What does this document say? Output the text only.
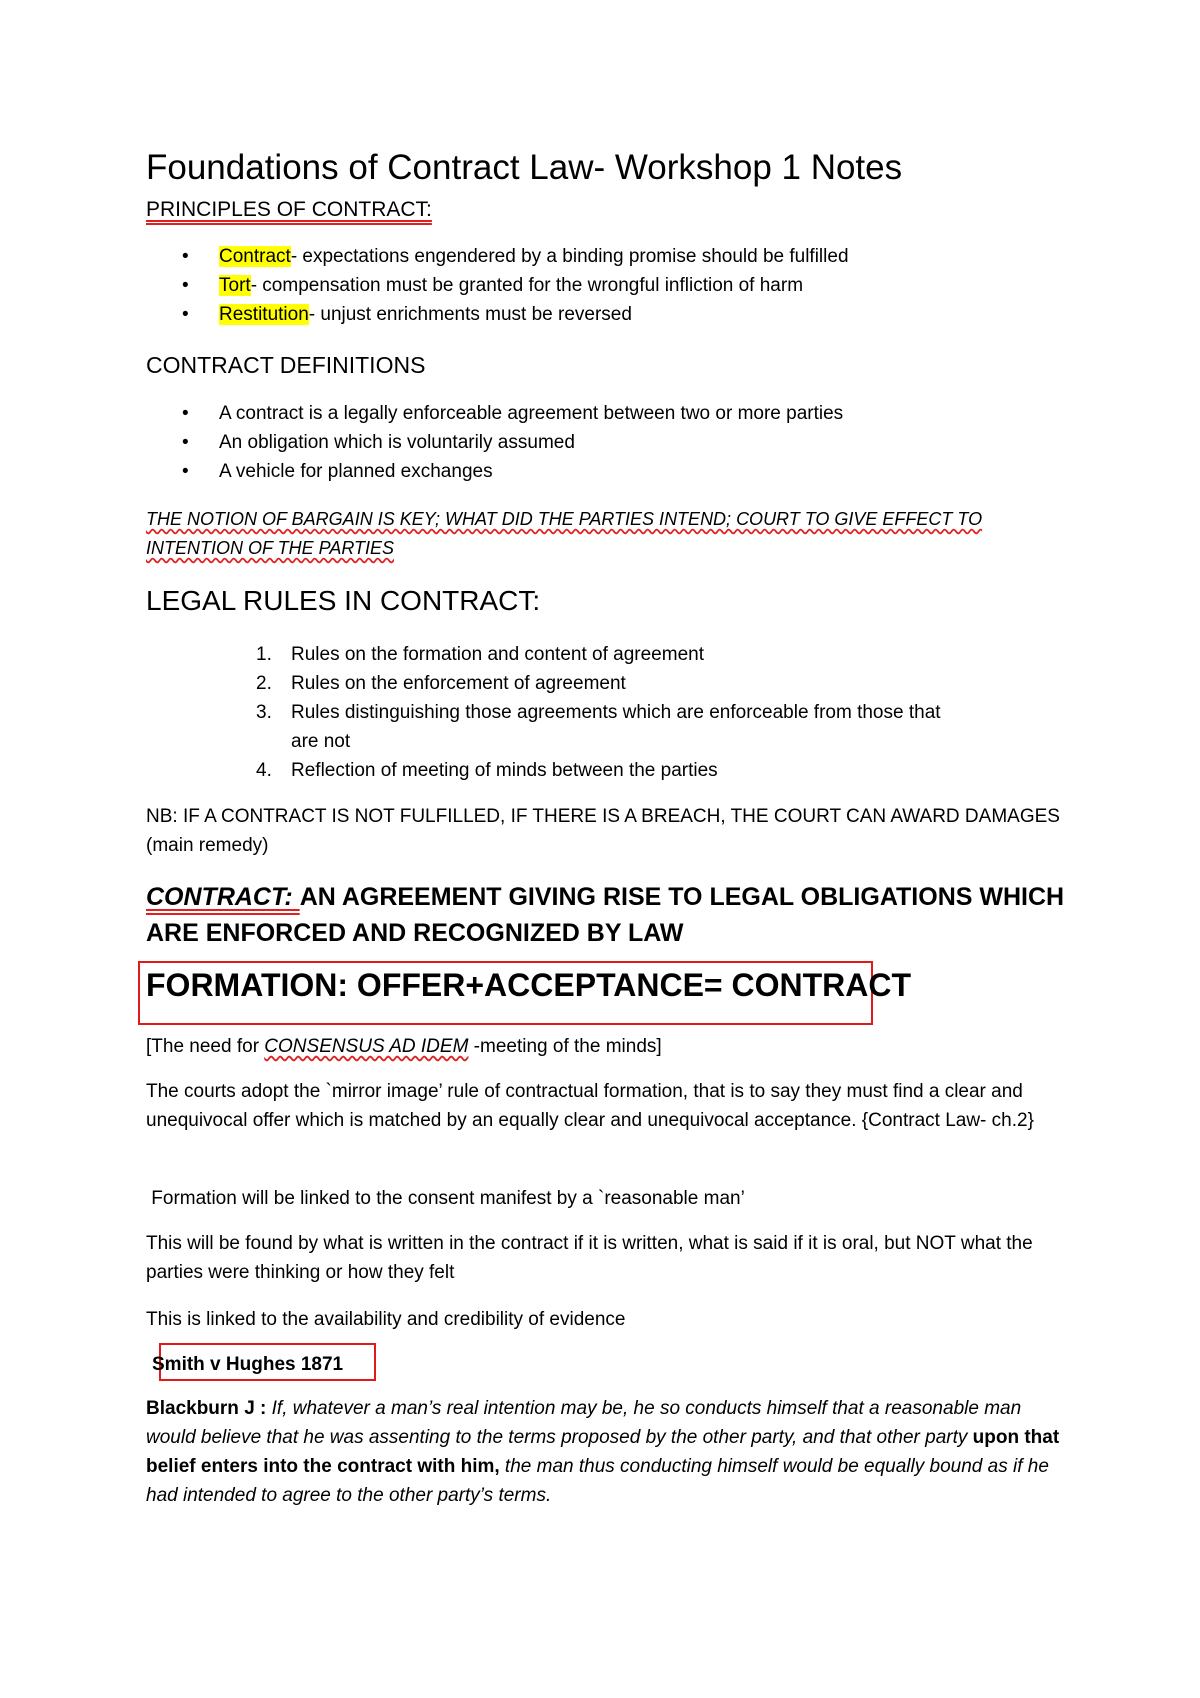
Foundations of Contract Law- Workshop 1 Notes
PRINCIPLES OF CONTRACT:
• Contract- expectations engendered by a binding promise should be fulfilled
• Tort- compensation must be granted for the wrongful infliction of harm
• Restitution- unjust enrichments must be reversed
CONTRACT DEFINITIONS
• A contract is a legally enforceable agreement between two or more parties
• An obligation which is voluntarily assumed
• A vehicle for planned exchanges
THE NOTION OF BARGAIN IS KEY; WHAT DID THE PARTIES INTEND; COURT TO GIVE EFFECT TO INTENTION OF THE PARTIES
LEGAL RULES IN CONTRACT:
1. Rules on the formation and content of agreement
2. Rules on the enforcement of agreement
3. Rules distinguishing those agreements which are enforceable from those that are not
4. Reflection of meeting of minds between the parties
NB: IF A CONTRACT IS NOT FULFILLED, IF THERE IS A BREACH, THE COURT CAN AWARD DAMAGES (main remedy)
CONTRACT: AN AGREEMENT GIVING RISE TO LEGAL OBLIGATIONS WHICH ARE ENFORCED AND RECOGNIZED BY LAW
FORMATION: OFFER+ACCEPTANCE= CONTRACT
[The need for CONSENSUS AD IDEM -meeting of the minds]
The courts adopt the `mirror image’ rule of contractual formation, that is to say they must find a clear and unequivocal offer which is matched by an equally clear and unequivocal acceptance. {Contract Law- ch.2}
Formation will be linked to the consent manifest by a `reasonable man’
This will be found by what is written in the contract if it is written, what is said if it is oral, but NOT what the parties were thinking or how they felt
This is linked to the availability and credibility of evidence
Smith v Hughes 1871
Blackburn J : If, whatever a man’s real intention may be, he so conducts himself that a reasonable man would believe that he was assenting to the terms proposed by the other party, and that other party upon that belief enters into the contract with him, the man thus conducting himself would be equally bound as if he had intended to agree to the other party’s terms.
